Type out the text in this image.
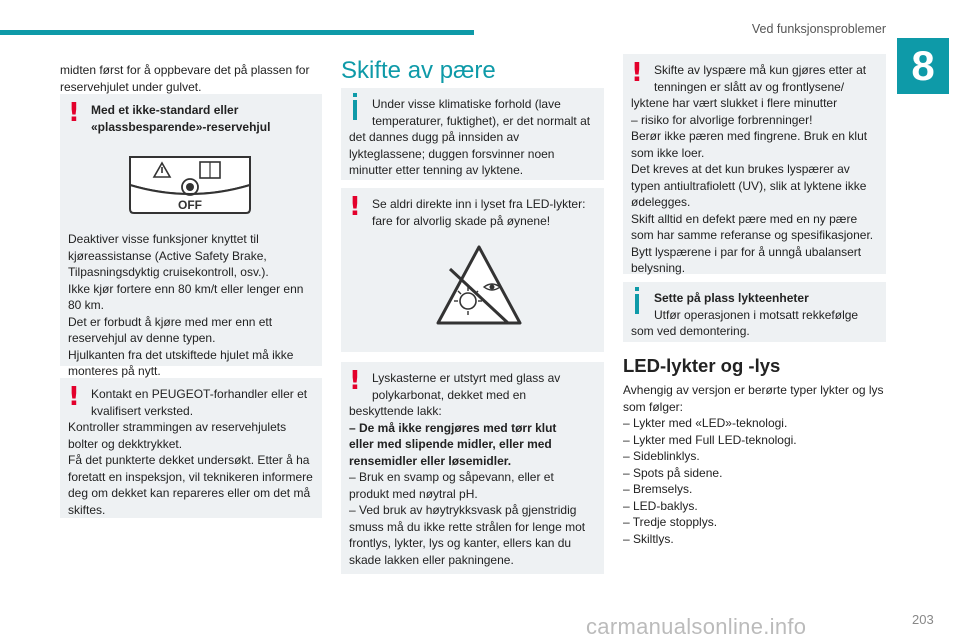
Ved funksjonsproblemer
8
midten først for å oppbevare det på plassen for
reservehjulet under gulvet.
! Med et ikke-standard eller
«plassbesparende»-reservehjul
OFF
Deaktiver visse funksjoner knyttet til
kjøreassistanse (Active Safety Brake,
Tilpasningsdyktig cruisekontroll, osv.).
Ikke kjør fortere enn 80 km/t eller lenger enn
80 km.
Det er forbudt å kjøre med mer enn ett
reservehjul av denne typen.
Hjulkanten fra det utskiftede hjulet må ikke
monteres på nytt.
! Kontakt en PEUGEOT-forhandler eller et
kvalifisert verksted.
Kontroller strammingen av reservehjulets
bolter og dekktrykket.
Få det punkterte dekket undersøkt. Etter å ha
foretatt en inspeksjon, vil teknikeren informere
deg om dekket kan repareres eller om det må
skiftes.
Skifte av pære
Under visse klimatiske forhold (lave
temperaturer, fuktighet), er det normalt at
det dannes dugg på innsiden av
lykteglassene; duggen forsvinner noen
minutter etter tenning av lyktene.
! Se aldri direkte inn i lyset fra LED-lykter:
fare for alvorlig skade på øynene!
! Lyskasterne er utstyrt med glass av
polykarbonat, dekket med en
beskyttende lakk:
– De må ikke rengjøres med tørr klut
eller med slipende midler, eller med
rensemidler eller løsemidler.
– Bruk en svamp og såpevann, eller et
produkt med nøytral pH.
– Ved bruk av høytrykksvask på gjenstridig
smuss må du ikke rette strålen for lenge mot
frontlys, lykter, lys og kanter, ellers kan du
skade lakken eller pakningene.
! Skifte av lyspære må kun gjøres etter at
tenningen er slått av og frontlysene/
lyktene har vært slukket i flere minutter
– risiko for alvorlige forbrenninger!
Berør ikke pæren med fingrene. Bruk en klut
som ikke loer.
Det kreves at det kun brukes lyspærer av
typen antiultrafiolett (UV), slik at lyktene ikke
ødelegges.
Skift alltid en defekt pære med en ny pære
som har samme referanse og spesifikasjoner.
Bytt lyspærene i par for å unngå ubalansert
belysning.
Sette på plass lykteenheter
Utfør operasjonen i motsatt rekkefølge
som ved demontering.
LED-lykter og -lys
Avhengig av versjon er berørte typer lykter og lys
som følger:
– Lykter med «LED»-teknologi.
– Lykter med Full LED-teknologi.
– Sideblinklys.
– Spots på sidene.
– Bremselys.
– LED-baklys.
– Tredje stopplys.
– Skiltlys.
carmanualsonline.info	203
